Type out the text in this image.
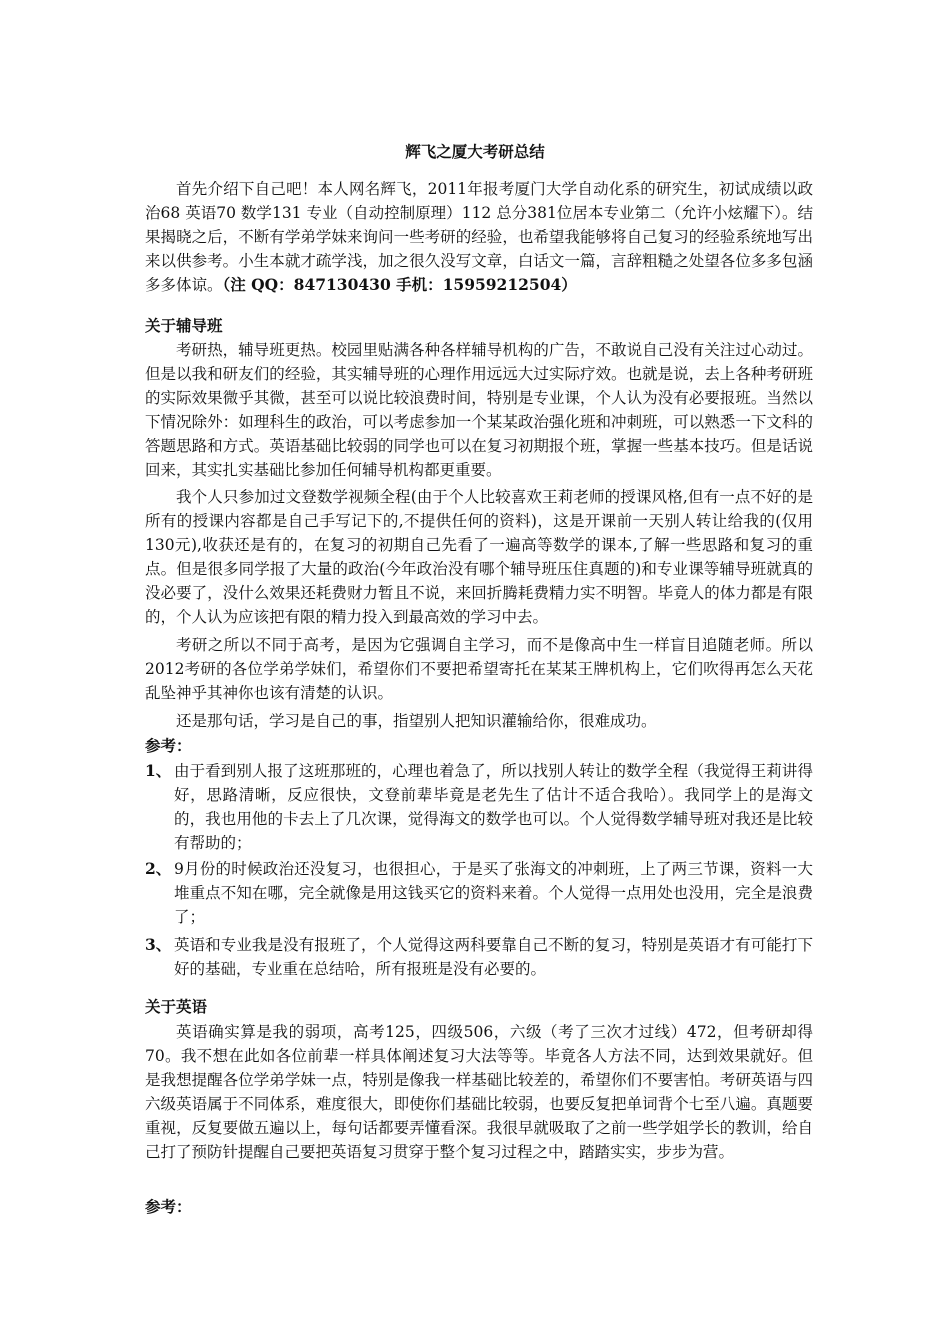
辉飞之厦大考研总结

首先介绍下自己吧！本人网名辉飞，2011年报考厦门大学自动化系的研究生，初试成绩以政治68 英语70 数学131 专业（自动控制原理）112 总分381位居本专业第二（允许小炫耀下）。结果揭晓之后，不断有学弟学妹来询问一些考研的经验，也希望我能够将自己复习的经验系统地写出来以供参考。小生本就才疏学浅，加之很久没写文章，白话文一篇，言辞粗糙之处望各位多多包涵多多体谅。（注 QQ：847130430 手机：15959212504）

关于辅导班

考研热，辅导班更热。校园里贴满各种各样辅导机构的广告，不敢说自己没有关注过心动过。但是以我和研友们的经验，其实辅导班的心理作用远远大过实际疗效。也就是说，去上各种考研班的实际效果微乎其微，甚至可以说比较浪费时间，特别是专业课，个人认为没有必要报班。当然以下情况除外：如理科生的政治，可以考虑参加一个某某政治强化班和冲刺班，可以熟悉一下文科的答题思路和方式。英语基础比较弱的同学也可以在复习初期报个班，掌握一些基本技巧。但是话说回来，其实扎实基础比参加任何辅导机构都更重要。

我个人只参加过文登数学视频全程(由于个人比较喜欢王莉老师的授课风格,但有一点不好的是所有的授课内容都是自己手写记下的,不提供任何的资料)，这是开课前一天别人转让给我的(仅用130元),收获还是有的，在复习的初期自己先看了一遍高等数学的课本,了解一些思路和复习的重点。但是很多同学报了大量的政治(今年政治没有哪个辅导班压住真题的)和专业课等辅导班就真的没必要了，没什么效果还耗费财力暂且不说，来回折腾耗费精力实不明智。毕竟人的体力都是有限的，个人认为应该把有限的精力投入到最高效的学习中去。

考研之所以不同于高考，是因为它强调自主学习，而不是像高中生一样盲目追随老师。所以2012考研的各位学弟学妹们，希望你们不要把希望寄托在某某王牌机构上，它们吹得再怎么天花乱坠神乎其神你也该有清楚的认识。

还是那句话，学习是自己的事，指望别人把知识灌输给你，很难成功。

参考：
1、 由于看到别人报了这班那班的，心理也着急了，所以找别人转让的数学全程（我觉得王莉讲得好，思路清晰，反应很快，文登前辈毕竟是老先生了估计不适合我哈）。我同学上的是海文的，我也用他的卡去上了几次课，觉得海文的数学也可以。个人觉得数学辅导班对我还是比较有帮助的；
2、 9月份的时候政治还没复习，也很担心，于是买了张海文的冲刺班，上了两三节课，资料一大堆重点不知在哪，完全就像是用这钱买它的资料来着。个人觉得一点用处也没用，完全是浪费了；
3、 英语和专业我是没有报班了，个人觉得这两科要靠自己不断的复习，特别是英语才有可能打下好的基础，专业重在总结哈，所有报班是没有必要的。
关于英语

英语确实算是我的弱项，高考125，四级506，六级（考了三次才过线）472，但考研却得70。我不想在此如各位前辈一样具体阐述复习大法等等。毕竟各人方法不同，达到效果就好。但是我想提醒各位学弟学妹一点，特别是像我一样基础比较差的，希望你们不要害怕。考研英语与四六级英语属于不同体系，难度很大，即使你们基础比较弱，也要反复把单词背个七至八遍。真题要重视，反复要做五遍以上，每句话都要弄懂看深。我很早就吸取了之前一些学姐学长的教训，给自己打了预防针提醒自己要把英语复习贯穿于整个复习过程之中，踏踏实实，步步为营。

参考：
